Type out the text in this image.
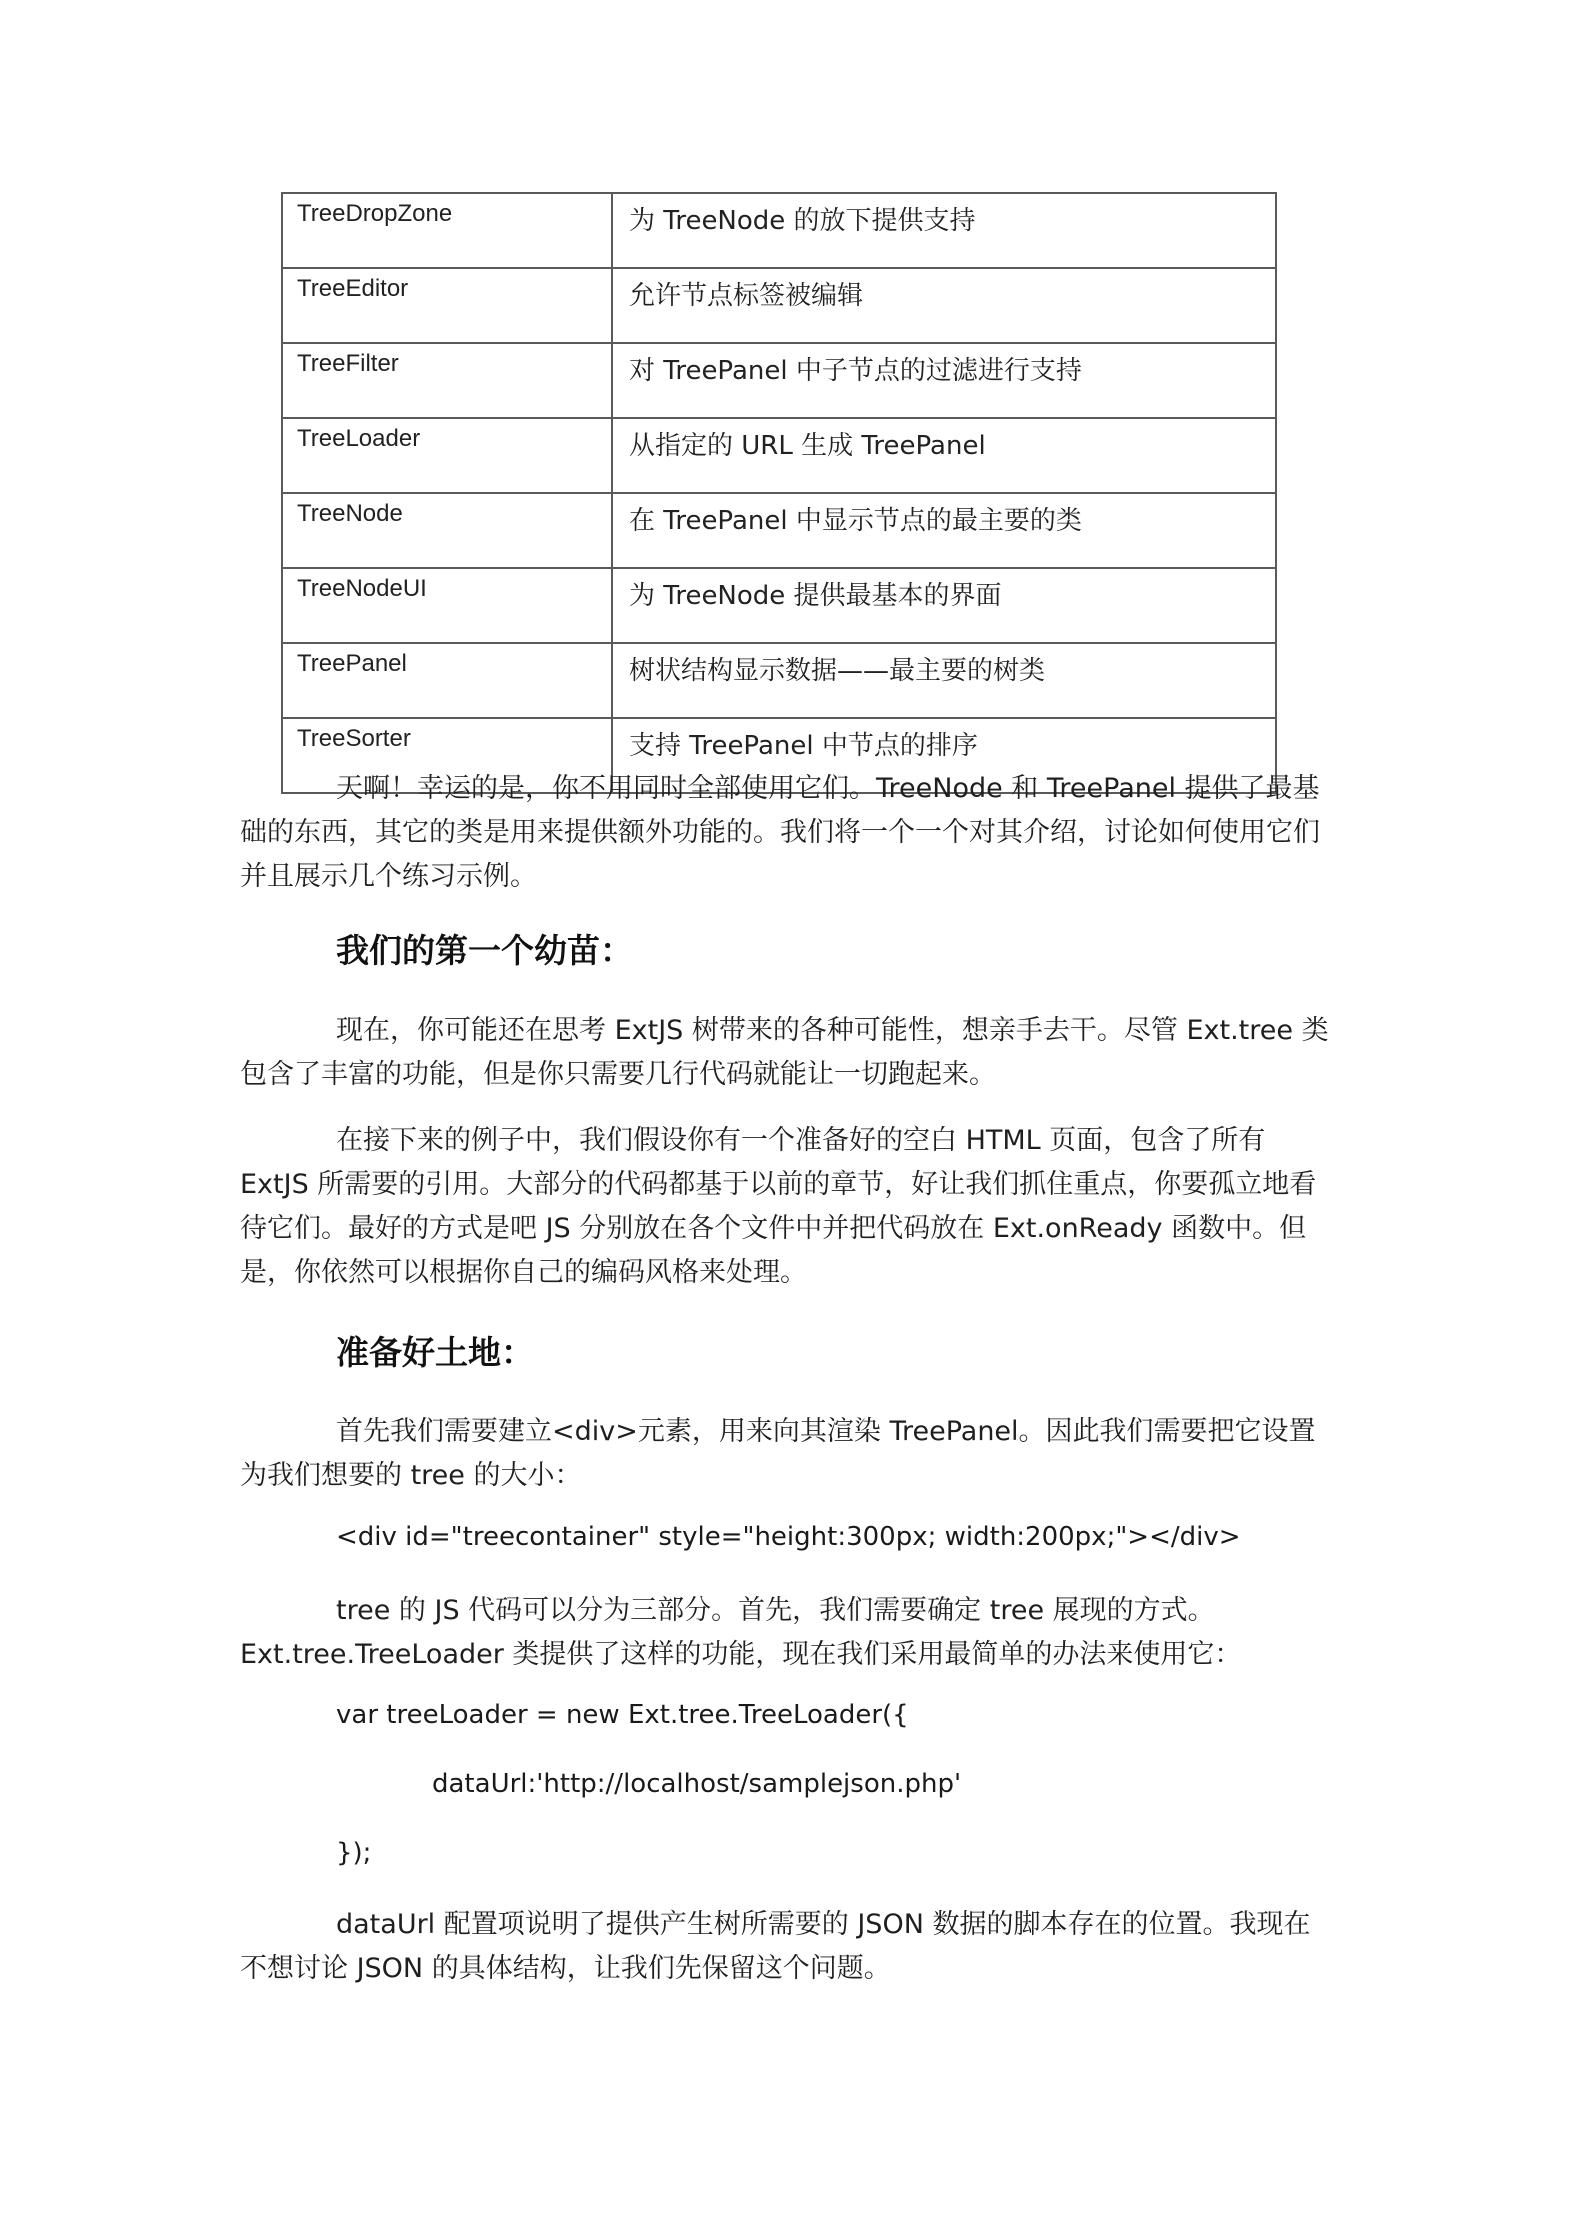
TreeDropZone	为 TreeNode 的放下提供支持
TreeEditor	允许节点标签被编辑
TreeFilter	对 TreePanel 中子节点的过滤进行支持
TreeLoader	从指定的 URL 生成 TreePanel
TreeNode	在 TreePanel 中显示节点的最主要的类
TreeNodeUI	为 TreeNode 提供最基本的界面
TreePanel	树状结构显示数据——最主要的树类
TreeSorter	支持 TreePanel 中节点的排序

天啊！幸运的是，你不用同时全部使用它们。TreeNode 和 TreePanel 提供了最基础的东西，其它的类是用来提供额外功能的。我们将一个一个对其介绍，讨论如何使用它们并且展示几个练习示例。

我们的第一个幼苗：

现在，你可能还在思考 ExtJS 树带来的各种可能性，想亲手去干。尽管 Ext.tree 类包含了丰富的功能，但是你只需要几行代码就能让一切跑起来。

在接下来的例子中，我们假设你有一个准备好的空白 HTML 页面，包含了所有 ExtJS 所需要的引用。大部分的代码都基于以前的章节，好让我们抓住重点，你要孤立地看待它们。最好的方式是吧 JS 分别放在各个文件中并把代码放在 Ext.onReady 函数中。但是，你依然可以根据你自己的编码风格来处理。

准备好土地：

首先我们需要建立<div>元素，用来向其渲染 TreePanel。因此我们需要把它设置为我们想要的 tree 的大小：

<div id="treecontainer" style="height:300px; width:200px;"></div>

tree 的 JS 代码可以分为三部分。首先，我们需要确定 tree 展现的方式。Ext.tree.TreeLoader 类提供了这样的功能，现在我们采用最简单的办法来使用它：

var treeLoader = new Ext.tree.TreeLoader({

dataUrl:'http://localhost/samplejson.php'

});

dataUrl 配置项说明了提供产生树所需要的 JSON 数据的脚本存在的位置。我现在不想讨论 JSON 的具体结构，让我们先保留这个问题。
